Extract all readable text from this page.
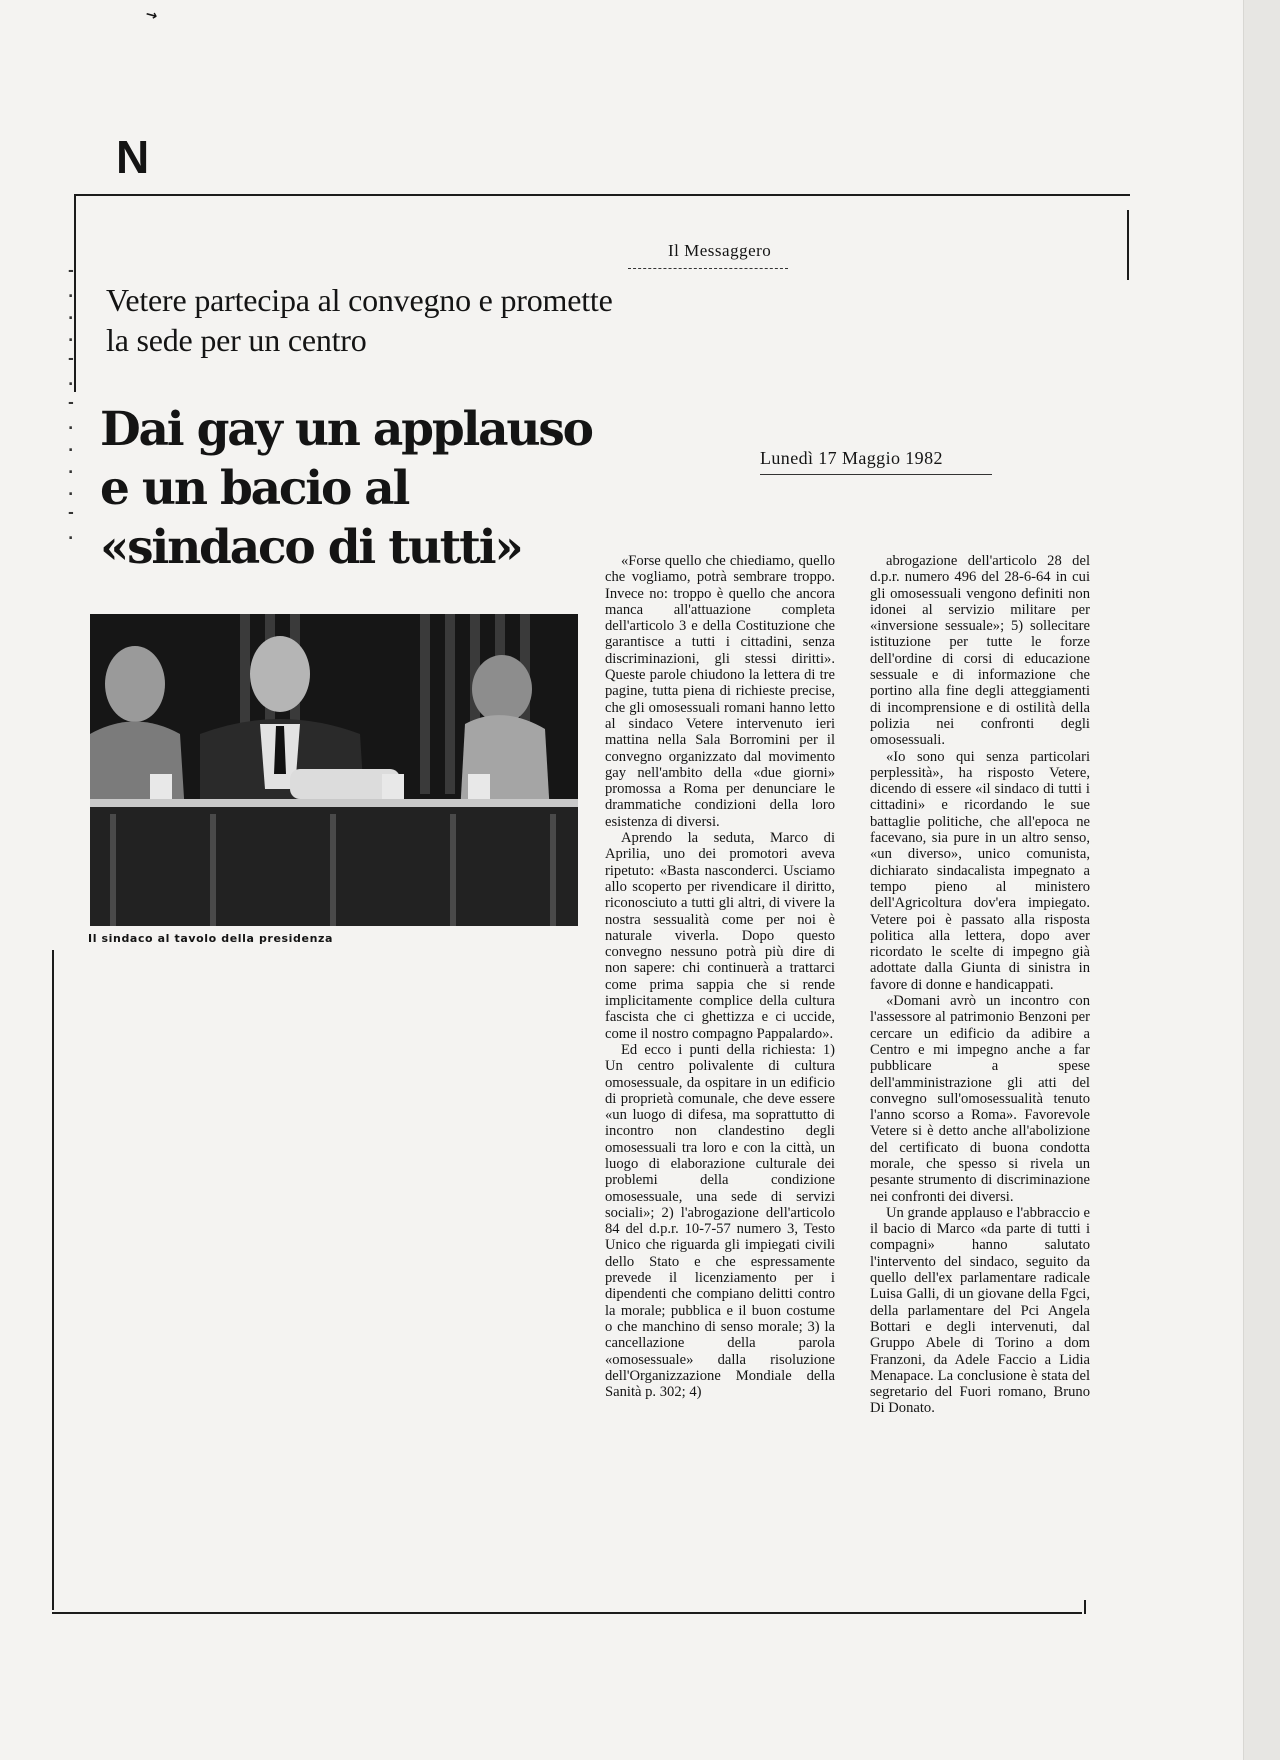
↘
-
.
.
.
-
.
-
.
.
.
.
-
.
N
Il Messaggero
Lunedì 17 Maggio 1982
Vetere partecipa al convegno e promette la sede per un centro
Dai gay un applauso e un bacio al «sindaco di tutti»
Il sindaco al tavolo della presidenza

«Forse quello che chiediamo, quello che vogliamo, potrà sembrare troppo. Invece no: troppo è quello che ancora manca all'attuazione completa dell'articolo 3 e della Costituzione che garantisce a tutti i cittadini, senza discriminazioni, gli stessi diritti». Queste parole chiudono la lettera di tre pagine, tutta piena di richieste precise, che gli omosessuali romani hanno letto al sindaco Vetere intervenuto ieri mattina nella Sala Borromini per il convegno organizzato dal movimento gay nell'ambito della «due giorni» promossa a Roma per denunciare le drammatiche condizioni della loro esistenza di diversi.

Aprendo la seduta, Marco di Aprilia, uno dei promotori aveva ripetuto: «Basta nasconderci. Usciamo allo scoperto per rivendicare il diritto, riconosciuto a tutti gli altri, di vivere la nostra sessualità come per noi è naturale viverla. Dopo questo convegno nessuno potrà più dire di non sapere: chi continuerà a trattarci come prima sappia che si rende implicitamente complice della cultura fascista che ci ghettizza e ci uccide, come il nostro compagno Pappalardo».

Ed ecco i punti della richiesta: 1) Un centro polivalente di cultura omosessuale, da ospitare in un edificio di proprietà comunale, che deve essere «un luogo di difesa, ma soprattutto di incontro non clandestino degli omosessuali tra loro e con la città, un luogo di elaborazione culturale dei problemi della condizione omosessuale, una sede di servizi sociali»; 2) l'abrogazione dell'articolo 84 del d.p.r. 10-7-57 numero 3, Testo Unico che riguarda gli impiegati civili dello Stato e che espressamente prevede il licenziamento per i dipendenti che compiano delitti contro la morale; pubblica e il buon costume o che manchino di senso morale; 3) la cancellazione della parola «omosessuale» dalla risoluzione dell'Organizzazione Mondiale della Sanità p. 302; 4)

abrogazione dell'articolo 28 del d.p.r. numero 496 del 28-6-64 in cui gli omosessuali vengono definiti non idonei al servizio militare per «inversione sessuale»; 5) sollecitare istituzione per tutte le forze dell'ordine di corsi di educazione sessuale e di informazione che portino alla fine degli atteggiamenti di incomprensione e di ostilità della polizia nei confronti degli omosessuali.

«Io sono qui senza particolari perplessità», ha risposto Vetere, dicendo di essere «il sindaco di tutti i cittadini» e ricordando le sue battaglie politiche, che all'epoca ne facevano, sia pure in un altro senso, «un diverso», unico comunista, dichiarato sindacalista impegnato a tempo pieno al ministero dell'Agricoltura dov'era impiegato. Vetere poi è passato alla risposta politica alla lettera, dopo aver ricordato le scelte di impegno già adottate dalla Giunta di sinistra in favore di donne e handicappati.

«Domani avrò un incontro con l'assessore al patrimonio Benzoni per cercare un edificio da adibire a Centro e mi impegno anche a far pubblicare a spese dell'amministrazione gli atti del convegno sull'omosessualità tenuto l'anno scorso a Roma». Favorevole Vetere si è detto anche all'abolizione del certificato di buona condotta morale, che spesso si rivela un pesante strumento di discriminazione nei confronti dei diversi.

Un grande applauso e l'abbraccio e il bacio di Marco «da parte di tutti i compagni» hanno salutato l'intervento del sindaco, seguito da quello dell'ex parlamentare radicale Luisa Galli, di un giovane della Fgci, della parlamentare del Pci Angela Bottari e degli intervenuti, dal Gruppo Abele di Torino a dom Franzoni, da Adele Faccio a Lidia Menapace. La conclusione è stata del segretario del Fuori romano, Bruno Di Donato.
